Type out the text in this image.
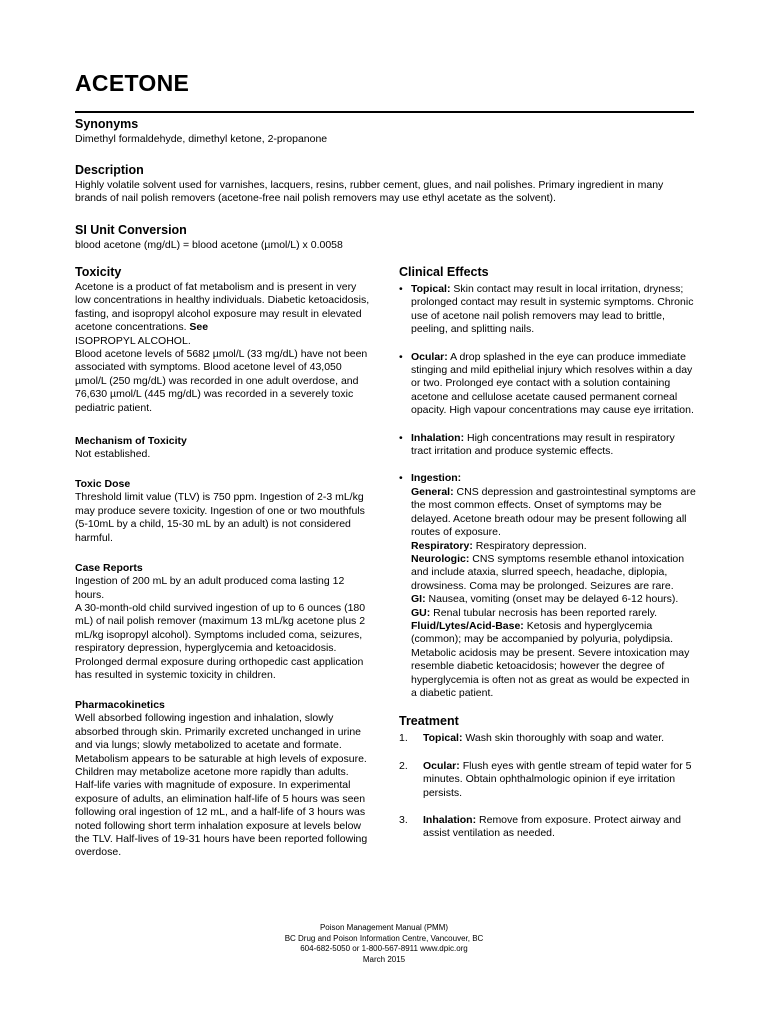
ACETONE
Synonyms
Dimethyl formaldehyde, dimethyl ketone, 2-propanone
Description
Highly volatile solvent used for varnishes, lacquers, resins, rubber cement, glues, and nail polishes. Primary ingredient in many brands of nail polish removers (acetone-free nail polish removers may use ethyl acetate as the solvent).
SI Unit Conversion
blood acetone (mg/dL) = blood acetone (µmol/L) x 0.0058
Toxicity
Acetone is a product of fat metabolism and is present in very low concentrations in healthy individuals. Diabetic ketoacidosis, fasting, and isopropyl alcohol exposure may result in elevated acetone concentrations. See
ISOPROPYL ALCOHOL.
Blood acetone levels of 5682 µmol/L (33 mg/dL) have not been associated with symptoms. Blood acetone level of 43,050 µmol/L (250 mg/dL) was recorded in one adult overdose, and 76,630 µmol/L (445 mg/dL) was recorded in a severely toxic pediatric patient.
Mechanism of Toxicity
Not established.
Toxic Dose
Threshold limit value (TLV) is 750 ppm. Ingestion of 2-3 mL/kg may produce severe toxicity. Ingestion of one or two mouthfuls (5-10mL by a child, 15-30 mL by an adult) is not considered harmful.
Case Reports
Ingestion of 200 mL by an adult produced coma lasting 12 hours.
A 30-month-old child survived ingestion of up to 6 ounces (180 mL) of nail polish remover (maximum 13 mL/kg acetone plus 2 mL/kg isopropyl alcohol). Symptoms included coma, seizures, respiratory depression, hyperglycemia and ketoacidosis. Prolonged dermal exposure during orthopedic cast application has resulted in systemic toxicity in children.
Pharmacokinetics
Well absorbed following ingestion and inhalation, slowly absorbed through skin. Primarily excreted unchanged in urine and via lungs; slowly metabolized to acetate and formate. Metabolism appears to be saturable at high levels of exposure. Children may metabolize acetone more rapidly than adults. Half-life varies with magnitude of exposure. In experimental exposure of adults, an elimination half-life of 5 hours was seen following oral ingestion of 12 mL, and a half-life of 3 hours was noted following short term inhalation exposure at levels below the TLV. Half-lives of 19-31 hours have been reported following overdose.
Clinical Effects
• Topical: Skin contact may result in local irritation, dryness; prolonged contact may result in systemic symptoms. Chronic use of acetone nail polish removers may lead to brittle, peeling, and splitting nails.
• Ocular: A drop splashed in the eye can produce immediate stinging and mild epithelial injury which resolves within a day or two. Prolonged eye contact with a solution containing acetone and cellulose acetate caused permanent corneal opacity. High vapour concentrations may cause eye irritation.
• Inhalation: High concentrations may result in respiratory tract irritation and produce systemic effects.
• Ingestion:
General: CNS depression and gastrointestinal symptoms are the most common effects. Onset of symptoms may be delayed. Acetone breath odour may be present following all routes of exposure.
Respiratory: Respiratory depression.
Neurologic: CNS symptoms resemble ethanol intoxication and include ataxia, slurred speech, headache, diplopia, drowsiness. Coma may be prolonged. Seizures are rare.
GI: Nausea, vomiting (onset may be delayed 6-12 hours).
GU: Renal tubular necrosis has been reported rarely.
Fluid/Lytes/Acid-Base: Ketosis and hyperglycemia (common); may be accompanied by polyuria, polydipsia. Metabolic acidosis may be present. Severe intoxication may resemble diabetic ketoacidosis; however the degree of hyperglycemia is often not as great as would be expected in a diabetic patient.
Treatment
1. Topical: Wash skin thoroughly with soap and water.
2. Ocular: Flush eyes with gentle stream of tepid water for 5 minutes. Obtain ophthalmologic opinion if eye irritation persists.
3. Inhalation: Remove from exposure. Protect airway and assist ventilation as needed.
Poison Management Manual (PMM)
BC Drug and Poison Information Centre, Vancouver, BC
604-682-5050 or 1-800-567-8911 www.dpic.org
March 2015
